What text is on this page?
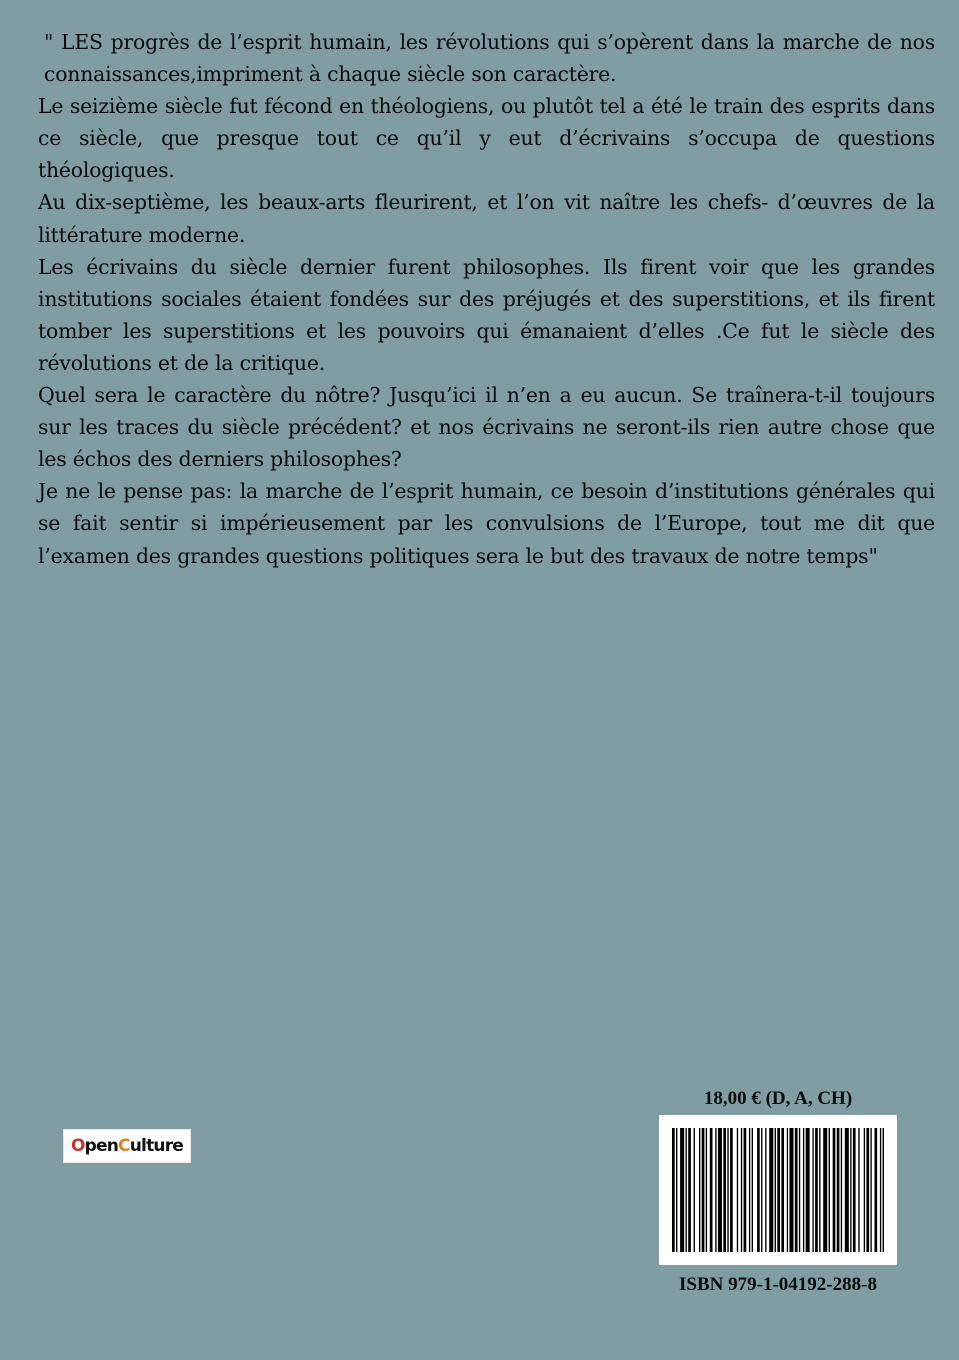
" LES progrès de l’esprit humain, les révolutions qui s’opèrent dans la marche de nos connaissances,impriment à chaque siècle son caractère.

Le seizième siècle fut fécond en théologiens, ou plutôt tel a été le train des esprits dans ce siècle, que presque tout ce qu’il y eut d’écrivains s’occupa de questions théologiques.

Au dix-septième, les beaux-arts fleurirent, et l’on vit naître les chefs- d’œuvres de la littérature moderne.

Les écrivains du siècle dernier furent philosophes. Ils firent voir que les grandes institutions sociales étaient fondées sur des préjugés et des superstitions, et ils firent tomber les superstitions et les pouvoirs qui émanaient d’elles .Ce fut le siècle des révolutions et de la critique.

Quel sera le caractère du nôtre? Jusqu’ici il n’en a eu aucun. Se traînera-t-il toujours sur les traces du siècle précédent? et nos écrivains ne seront-ils rien autre chose que les échos des derniers philosophes?

Je ne le pense pas: la marche de l’esprit humain, ce besoin d’institutions générales qui se fait sentir si impérieusement par les convulsions de l’Europe, tout me dit que l’examen des grandes questions politiques sera le but des travaux de notre temps"

O pen C ulture
18,00 € (D, A, CH)
ISBN 979-1-04192-288-8
